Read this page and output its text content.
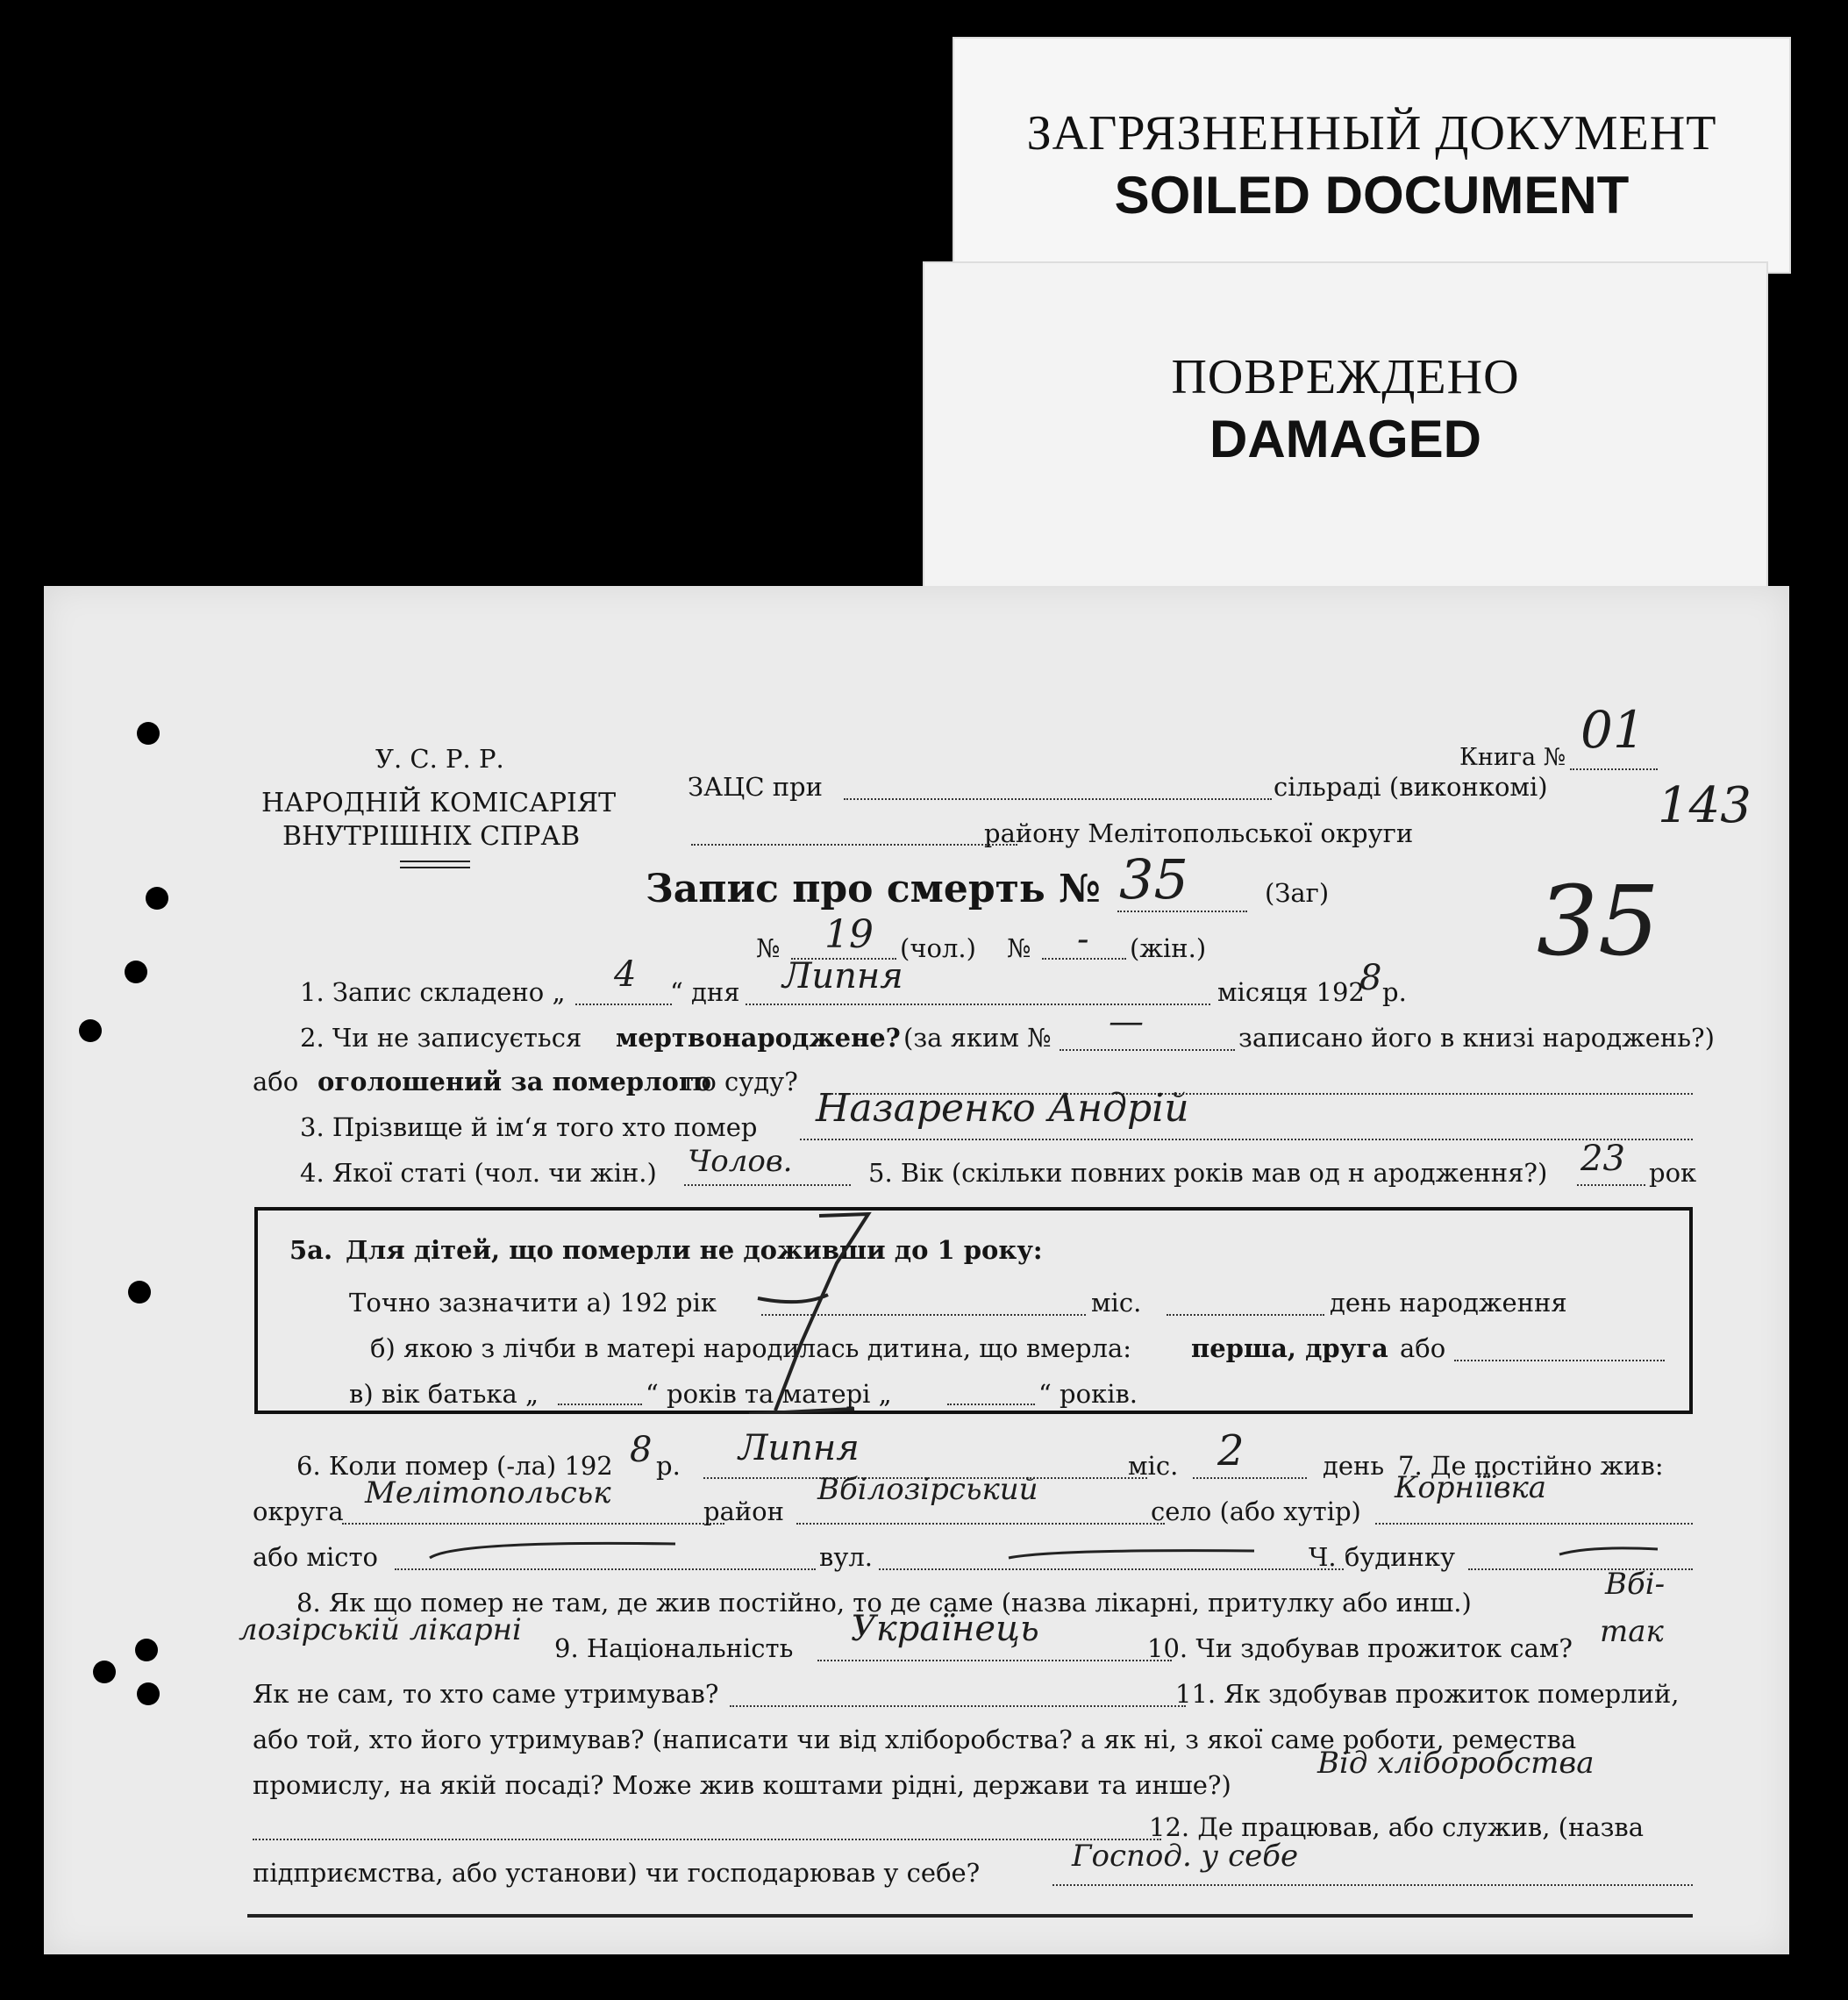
ЗАГРЯЗНЕННЫЙ ДОКУМЕНТ
SOILED DOCUMENT
ПОВРЕЖДЕНО
DAMAGED
У. С. Р. Р.
НАРОДНІЙ КОМІСАРІЯТ
ВНУТРІШНІХ СПРАВ
Книга № 01
143
35
ЗАЦС при	сільраді (виконкомі)
району Мелітопольської округи
Запис про смерть № 35	(Заг)
№ 19 (чол.) № - (жін.)
1. Запис складено „ 4 “ дня Липня	місяця 192
8 р.
2. Чи не записується мертвонароджене? (за яким № —	записано його в книзі народжень?)
або оголошений за померлого
по суду?
3. Прізвище й ім‘я того хто помер Назаренко Андрій
4. Якої статі (чол. чи жін.) Чолов.	5. Вік (скільки повних років мав од н ародження?) 23 рок
5а. Для дітей, що померли не доживши до 1 року:
Точно зазначити а) 192 рік	міс.	день народження
б) якою з лічби в матері народилась дитина, що вмерла: перша, друга або
в) вік батька „	“ років та матері „	“ років.
6. Коли помер (-ла) 192 8 р. Липня	міс. 2	день 7. Де постійно жив:
округа
Мелітопольськ
район
Вбілозірський
село (або хутір)
Корнїївка
або місто	вул.	Ч. будинку
8. Як що помер не там, де жив постійно, то де саме (назва лікарні, притулку або инш.)
Вбі-
лозірській лікарні
9. Національність Українець	10. Чи здобував прожиток сам? так
Як не сам, то хто саме утримував?	11. Як здобував прожиток померлий,
або той, хто його утримував? (написати чи від хліборобства? а як ні, з якої саме роботи, ремества
промислу, на якій посаді? Може жив коштами рідні, держави та инше?)
Від хліборобства
12. Де працював, або служив, (назва
підприємства, або установи) чи господарював у себе?	Господ. у себе
